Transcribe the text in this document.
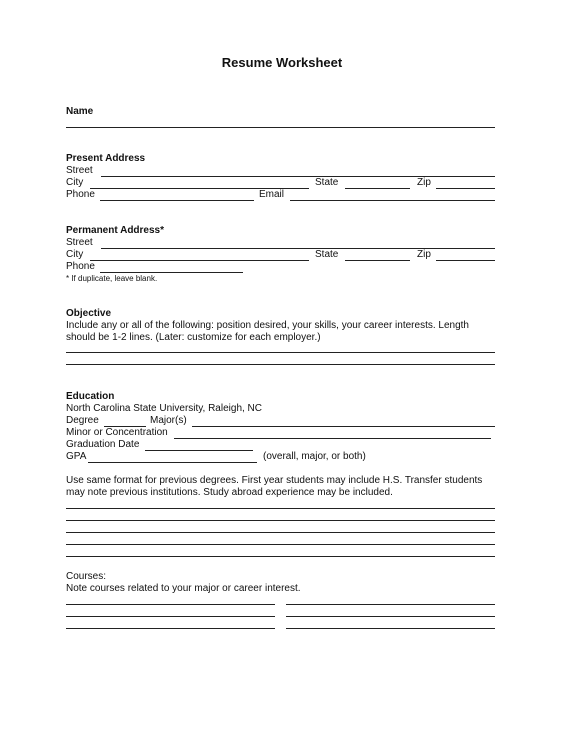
Resume Worksheet
Name
Present Address
Street
City	State	Zip
Phone	Email
Permanent Address*
Street
City	State	Zip
Phone
* If duplicate, leave blank.
Objective
Include any or all of the following: position desired, your skills, your career interests. Length
should be 1-2 lines. (Later: customize for each employer.)
Education
North Carolina State University, Raleigh, NC
Degree	Major(s)
Minor or Concentration
Graduation Date
GPA	(overall, major, or both)
Use same format for previous degrees. First year students may include H.S. Transfer students
may note previous institutions. Study abroad experience may be included.
Courses:
Note courses related to your major or career interest.
